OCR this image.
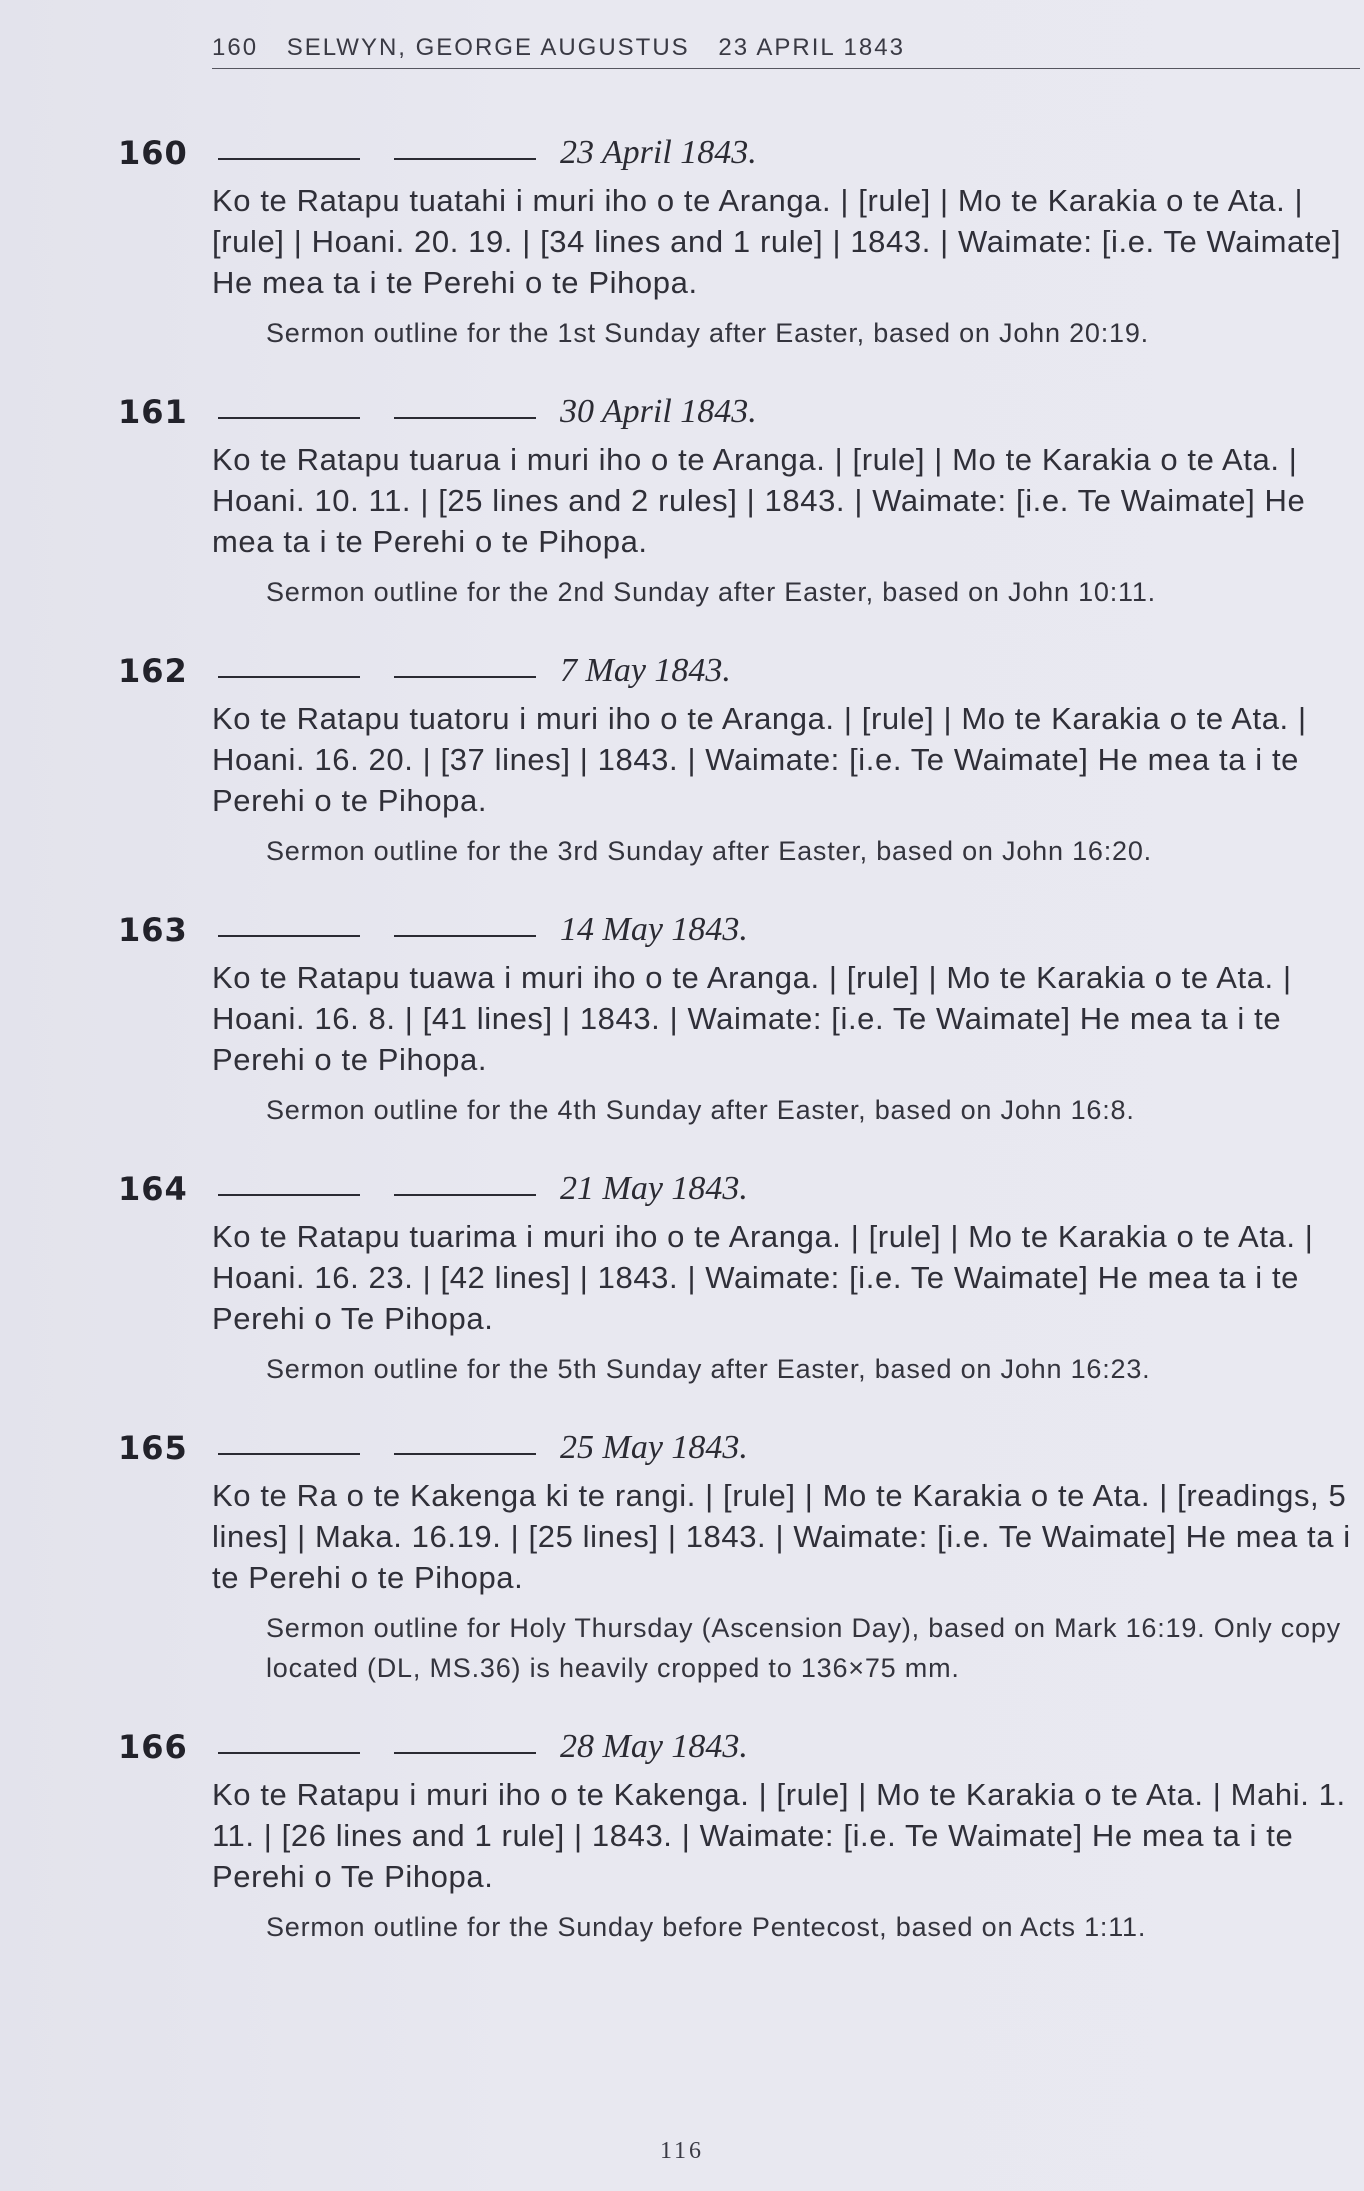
160 SELWYN, GEORGE AUGUSTUS 23 APRIL 1843
160	23 April 1843.
Ko te Ratapu tuatahi i muri iho o te Aranga. | [rule] | Mo te Karakia o te Ata. | [rule] | Hoani. 20. 19. | [34 lines and 1 rule] | 1843. | Waimate: [i.e. Te Waimate] He mea ta i te Perehi o te Pihopa.
Sermon outline for the 1st Sunday after Easter, based on John 20:19.
161	30 April 1843.
Ko te Ratapu tuarua i muri iho o te Aranga. | [rule] | Mo te Karakia o te Ata. | Hoani. 10. 11. | [25 lines and 2 rules] | 1843. | Waimate: [i.e. Te Waimate] He mea ta i te Perehi o te Pihopa.
Sermon outline for the 2nd Sunday after Easter, based on John 10:11.
162	7 May 1843.
Ko te Ratapu tuatoru i muri iho o te Aranga. | [rule] | Mo te Karakia o te Ata. | Hoani. 16. 20. | [37 lines] | 1843. | Waimate: [i.e. Te Waimate] He mea ta i te Perehi o te Pihopa.
Sermon outline for the 3rd Sunday after Easter, based on John 16:20.
163	14 May 1843.
Ko te Ratapu tuawa i muri iho o te Aranga. | [rule] | Mo te Karakia o te Ata. | Hoani. 16. 8. | [41 lines] | 1843. | Waimate: [i.e. Te Waimate] He mea ta i te Perehi o te Pihopa.
Sermon outline for the 4th Sunday after Easter, based on John 16:8.
164	21 May 1843.
Ko te Ratapu tuarima i muri iho o te Aranga. | [rule] | Mo te Karakia o te Ata. | Hoani. 16. 23. | [42 lines] | 1843. | Waimate: [i.e. Te Waimate] He mea ta i te Perehi o Te Pihopa.
Sermon outline for the 5th Sunday after Easter, based on John 16:23.
165	25 May 1843.
Ko te Ra o te Kakenga ki te rangi. | [rule] | Mo te Karakia o te Ata. | [readings, 5 lines] | Maka. 16.19. | [25 lines] | 1843. | Waimate: [i.e. Te Waimate] He mea ta i te Perehi o te Pihopa.
Sermon outline for Holy Thursday (Ascension Day), based on Mark 16:19. Only copy located (DL, MS.36) is heavily cropped to 136×75 mm.
166	28 May 1843.
Ko te Ratapu i muri iho o te Kakenga. | [rule] | Mo te Karakia o te Ata. | Mahi. 1. 11. | [26 lines and 1 rule] | 1843. | Waimate: [i.e. Te Waimate] He mea ta i te Perehi o Te Pihopa.
Sermon outline for the Sunday before Pentecost, based on Acts 1:11.
116
